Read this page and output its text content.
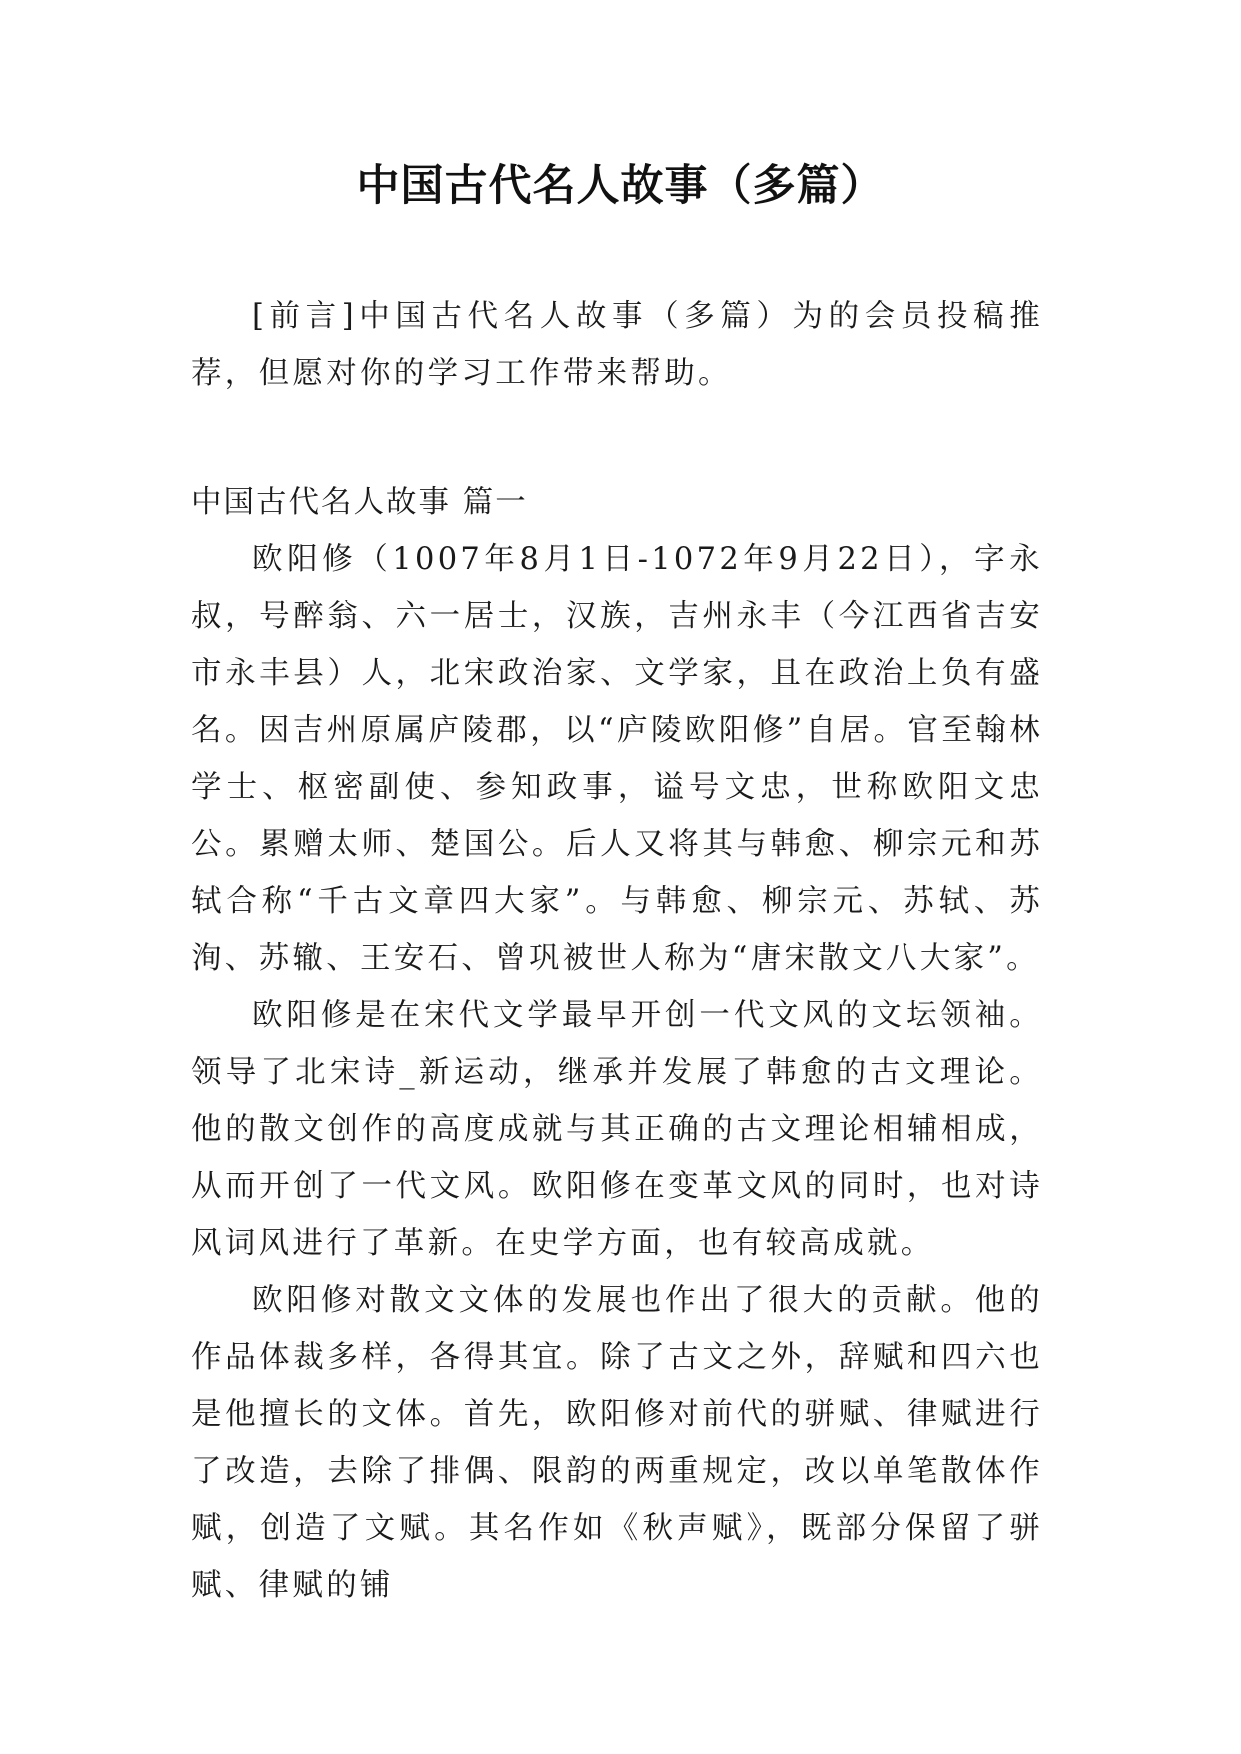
中国古代名人故事（多篇）

[前言]中国古代名人故事（多篇）为的会员投稿推荐，但愿对你的学习工作带来帮助。

中国古代名人故事 篇一

欧阳修（1007年8月1日-1072年9月22日），字永叔，号醉翁、六一居士，汉族，吉州永丰（今江西省吉安市永丰县）人，北宋政治家、文学家，且在政治上负有盛名。因吉州原属庐陵郡，以“庐陵欧阳修”自居。官至翰林学士、枢密副使、参知政事，谥号文忠，世称欧阳文忠公。累赠太师、楚国公。后人又将其与韩愈、柳宗元和苏轼合称“千古文章四大家”。与韩愈、柳宗元、苏轼、苏洵、苏辙、王安石、曾巩被世人称为“唐宋散文八大家”。

欧阳修是在宋代文学最早开创一代文风的文坛领袖。领导了北宋诗_新运动，继承并发展了韩愈的古文理论。他的散文创作的高度成就与其正确的古文理论相辅相成，从而开创了一代文风。欧阳修在变革文风的同时，也对诗风词风进行了革新。在史学方面，也有较高成就。

欧阳修对散文文体的发展也作出了很大的贡献。他的作品体裁多样，各得其宜。除了古文之外，辞赋和四六也是他擅长的文体。首先，欧阳修对前代的骈赋、律赋进行了改造，去除了排偶、限韵的两重规定，改以单笔散体作赋，创造了文赋。其名作如《秋声赋》，既部分保留了骈赋、律赋的铺
